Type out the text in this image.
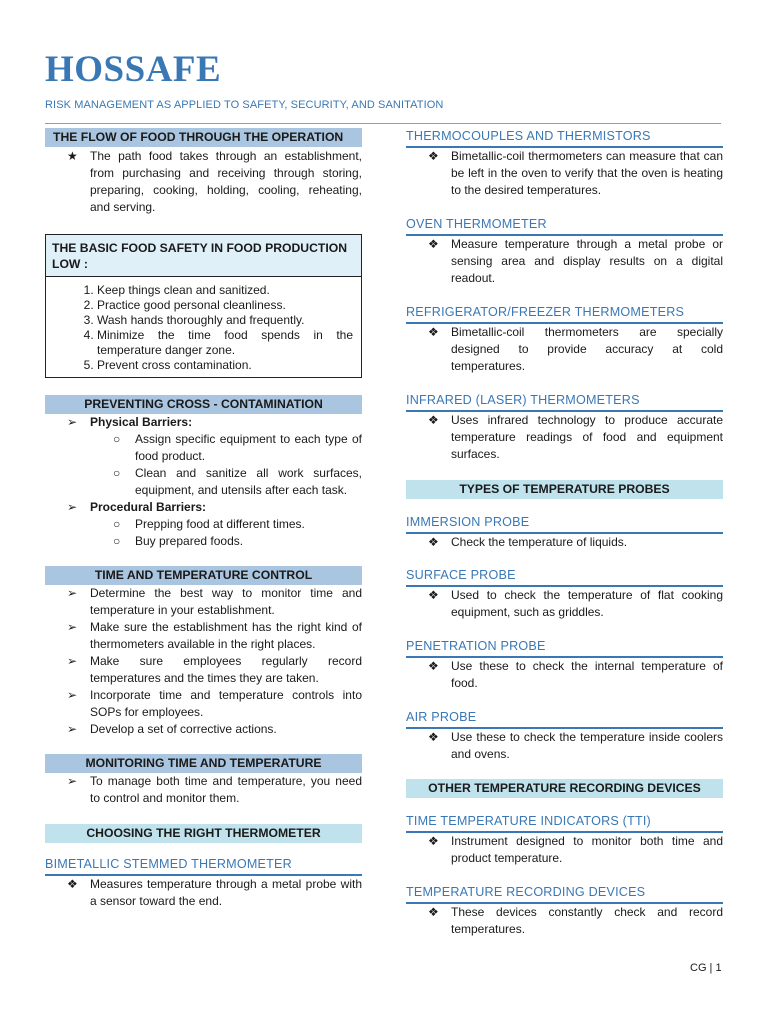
HOSSAFE
RISK MANAGEMENT AS APPLIED TO SAFETY, SECURITY, AND SANITATION
THE FLOW OF FOOD THROUGH THE OPERATION
★ The path food takes through an establishment, from purchasing and receiving through storing, preparing, cooking, holding, cooling, reheating, and serving.
THE BASIC FOOD SAFETY IN FOOD PRODUCTION LOW :
1. Keep things clean and sanitized.
2. Practice good personal cleanliness.
3. Wash hands thoroughly and frequently.
4. Minimize the time food spends in the temperature danger zone.
5. Prevent cross contamination.
PREVENTING CROSS - CONTAMINATION
➢ Physical Barriers:
○ Assign specific equipment to each type of food product.
○ Clean and sanitize all work surfaces, equipment, and utensils after each task.
➢ Procedural Barriers:
○ Prepping food at different times.
○ Buy prepared foods.
TIME AND TEMPERATURE CONTROL
➢ Determine the best way to monitor time and temperature in your establishment.
➢ Make sure the establishment has the right kind of thermometers available in the right places.
➢ Make sure employees regularly record temperatures and the times they are taken.
➢ Incorporate time and temperature controls into SOPs for employees.
➢ Develop a set of corrective actions.
MONITORING TIME AND TEMPERATURE
➢ To manage both time and temperature, you need to control and monitor them.
CHOOSING THE RIGHT THERMOMETER
BIMETALLIC STEMMED THERMOMETER
❖ Measures temperature through a metal probe with a sensor toward the end.
THERMOCOUPLES AND THERMISTORS
❖ Bimetallic-coil thermometers can measure that can be left in the oven to verify that the oven is heating to the desired temperatures.
OVEN THERMOMETER
❖ Measure temperature through a metal probe or sensing area and display results on a digital readout.
REFRIGERATOR/FREEZER THERMOMETERS
❖ Bimetallic-coil thermometers are specially designed to provide accuracy at cold temperatures.
INFRARED (LASER) THERMOMETERS
❖ Uses infrared technology to produce accurate temperature readings of food and equipment surfaces.
TYPES OF TEMPERATURE PROBES
IMMERSION PROBE
❖ Check the temperature of liquids.
SURFACE PROBE
❖ Used to check the temperature of flat cooking equipment, such as griddles.
PENETRATION PROBE
❖ Use these to check the internal temperature of food.
AIR PROBE
❖ Use these to check the temperature inside coolers and ovens.
OTHER TEMPERATURE RECORDING DEVICES
TIME TEMPERATURE INDICATORS (TTI)
❖ Instrument designed to monitor both time and product temperature.
TEMPERATURE RECORDING DEVICES
❖ These devices constantly check and record temperatures.
CG | 1
